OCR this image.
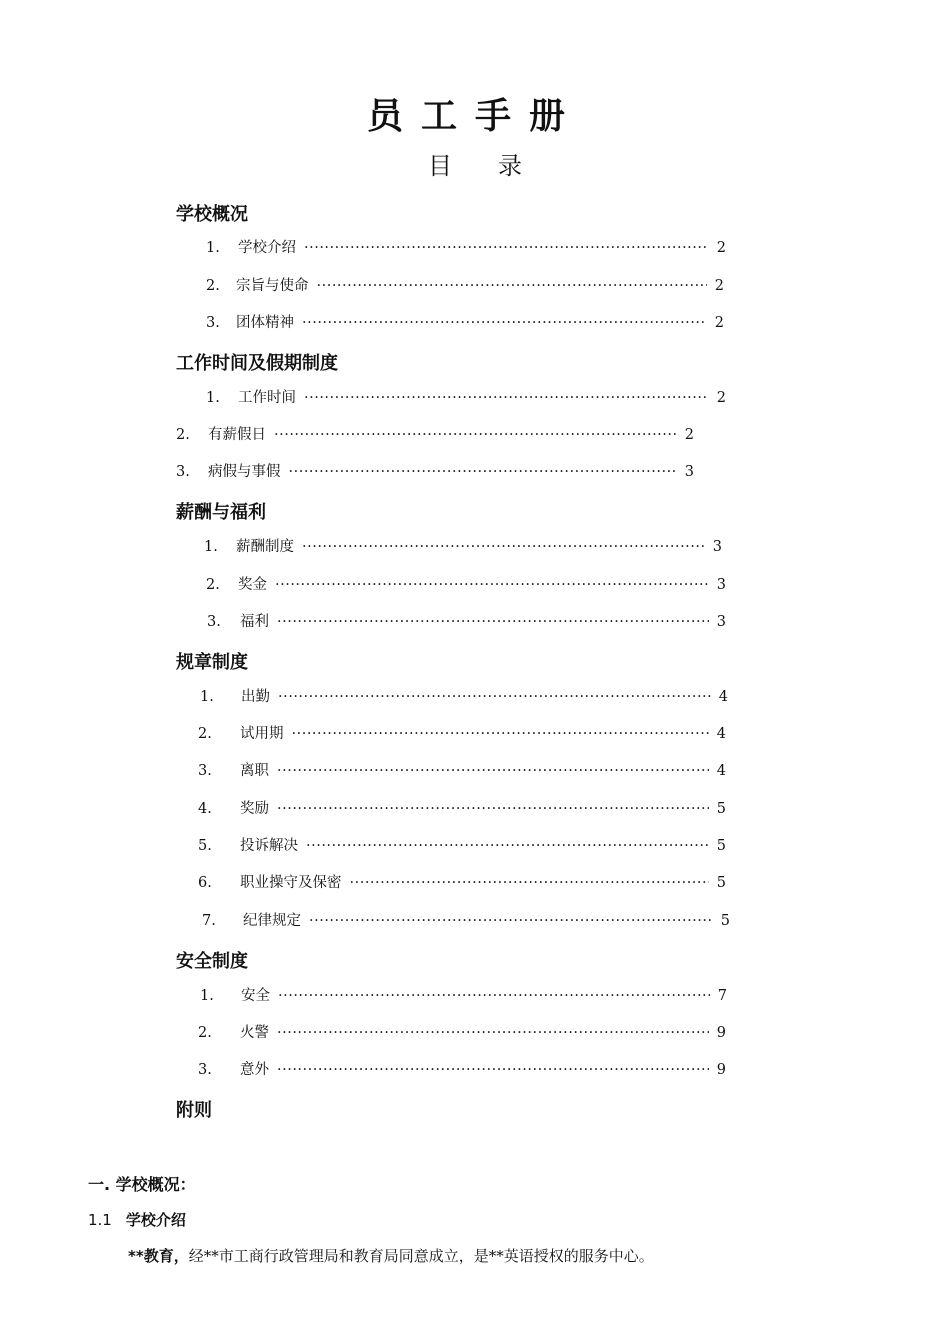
员工手册
目录
学校概况
1.	学校介绍 ·····	2
2.	宗旨与使命 ·····	2
3.	团体精神 ·····	2
工作时间及假期制度
1.	工作时间 ·····	2
2.	有薪假日 ·····	2
3.	病假与事假 ·····	3
薪酬与福利
1.	薪酬制度 ·····	3
2.	奖金 ·····	3
3.	福利 ·····	3
规章制度
1.	出勤 ·····	4
2.	试用期 ·····	4
3.	离职 ·····	4
4.	奖励 ·····	5
5.	投诉解决 ·····	5
6.	职业操守及保密 ·····	5
7.	纪律规定 ·····	5
安全制度
1.	安全 ·····	7
2.	火警 ·····	9
3.	意外 ·····	9
附则
一. 学校概况：
1.1 学校介绍
**教育，经**市工商行政管理局和教育局同意成立，是**英语授权的服务中心。
